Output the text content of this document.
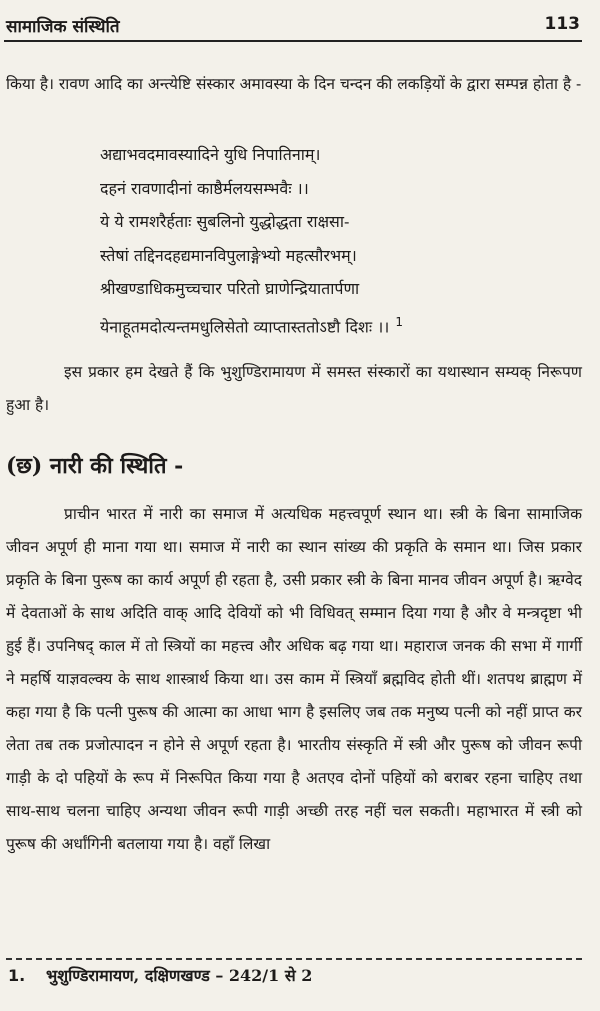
सामाजिक संस्थिति	113
किया है। रावण आदि का अन्त्येष्टि संस्कार अमावस्या के दिन चन्दन की लकड़ियों के द्वारा सम्पन्न होता है -
अद्याभवदमावस्यादिने युधि निपातिनाम्।
दहनं रावणादीनां काष्ठैर्मलयसम्भवैः ।।
ये ये रामशरैर्हताः सुबलिनो युद्धोद्धता राक्षसा-
स्तेषां तद्दिनदहद्यमानविपुलाङ्गेभ्यो महत्सौरभम्।
श्रीखण्डाधिकमुच्चचार परितो घ्राणेन्द्रियातार्पणा
येनाहूतमदोत्यन्तमधुलिसेतो व्याप्तास्ततोऽष्टौ दिशः ।। $^1$
इस प्रकार हम देखते हैं कि भुशुण्डिरामायण में समस्त संस्कारों का यथास्थान सम्यक् निरूपण हुआ है।
(छ) नारी की स्थिति -
प्राचीन भारत में नारी का समाज में अत्यधिक महत्त्वपूर्ण स्थान था। स्त्री के बिना सामाजिक जीवन अपूर्ण ही माना गया था। समाज में नारी का स्थान सांख्य की प्रकृति के समान था। जिस प्रकार प्रकृति के बिना पुरूष का कार्य अपूर्ण ही रहता है, उसी प्रकार स्त्री के बिना मानव जीवन अपूर्ण है। ऋग्वेद में देवताओं के साथ अदिति वाक् आदि देवियों को भी विधिवत् सम्मान दिया गया है और वे मन्त्रदृष्टा भी हुई हैं। उपनिषद् काल में तो स्त्रियों का महत्त्व और अधिक बढ़ गया था। महाराज जनक की सभा में गार्गी ने महर्षि याज्ञवल्क्य के साथ शास्त्रार्थ किया था। उस काम में स्त्रियाँ ब्रह्मविद होती थीं। शतपथ ब्राह्मण में कहा गया है कि पत्नी पुरूष की आत्मा का आधा भाग है इसलिए जब तक मनुष्य पत्नी को नहीं प्राप्त कर लेता तब तक प्रजोत्पादन न होने से अपूर्ण रहता है। भारतीय संस्कृति में स्त्री और पुरूष को जीवन रूपी गाड़ी के दो पहियों के रूप में निरूपित किया गया है अतएव दोनों पहियों को बराबर रहना चाहिए तथा साथ-साथ चलना चाहिए अन्यथा जीवन रूपी गाड़ी अच्छी तरह नहीं चल सकती। महाभारत में स्त्री को पुरूष की अर्धांगिनी बतलाया गया है। वहाँ लिखा
1. भुशुण्डिरामायण, दक्षिणखण्ड – 242/1 से 2
